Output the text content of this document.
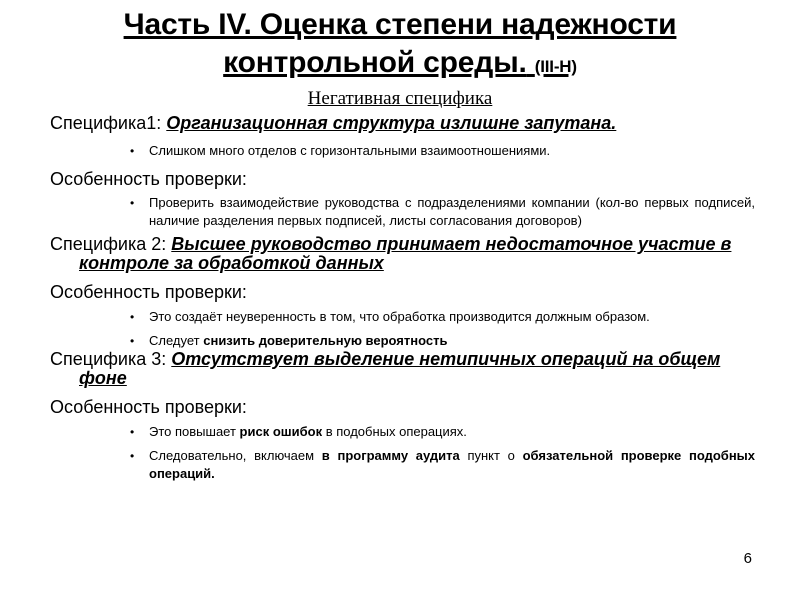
Часть IV. Оценка степени надежности контрольной среды. (III-H)
Негативная специфика
Специфика1: Организационная структура излишне запутана.
• Слишком много отделов с горизонтальными взаимоотношениями.
Особенность проверки:
• Проверить взаимодействие руководства с подразделениями компании (кол-во первых подписей, наличие разделения первых подписей, листы согласования договоров)
Специфика 2: Высшее руководство принимает недостаточное участие в контроле за обработкой данных
Особенность проверки:
• Это создаёт неуверенность в том, что обработка производится должным образом.
• Следует снизить доверительную вероятность
Специфика 3: Отсутствует выделение нетипичных операций на общем фоне
Особенность проверки:
• Это повышает риск ошибок в подобных операциях.
• Следовательно, включаем в программу аудита пункт о обязательной проверке подобных операций.
6
